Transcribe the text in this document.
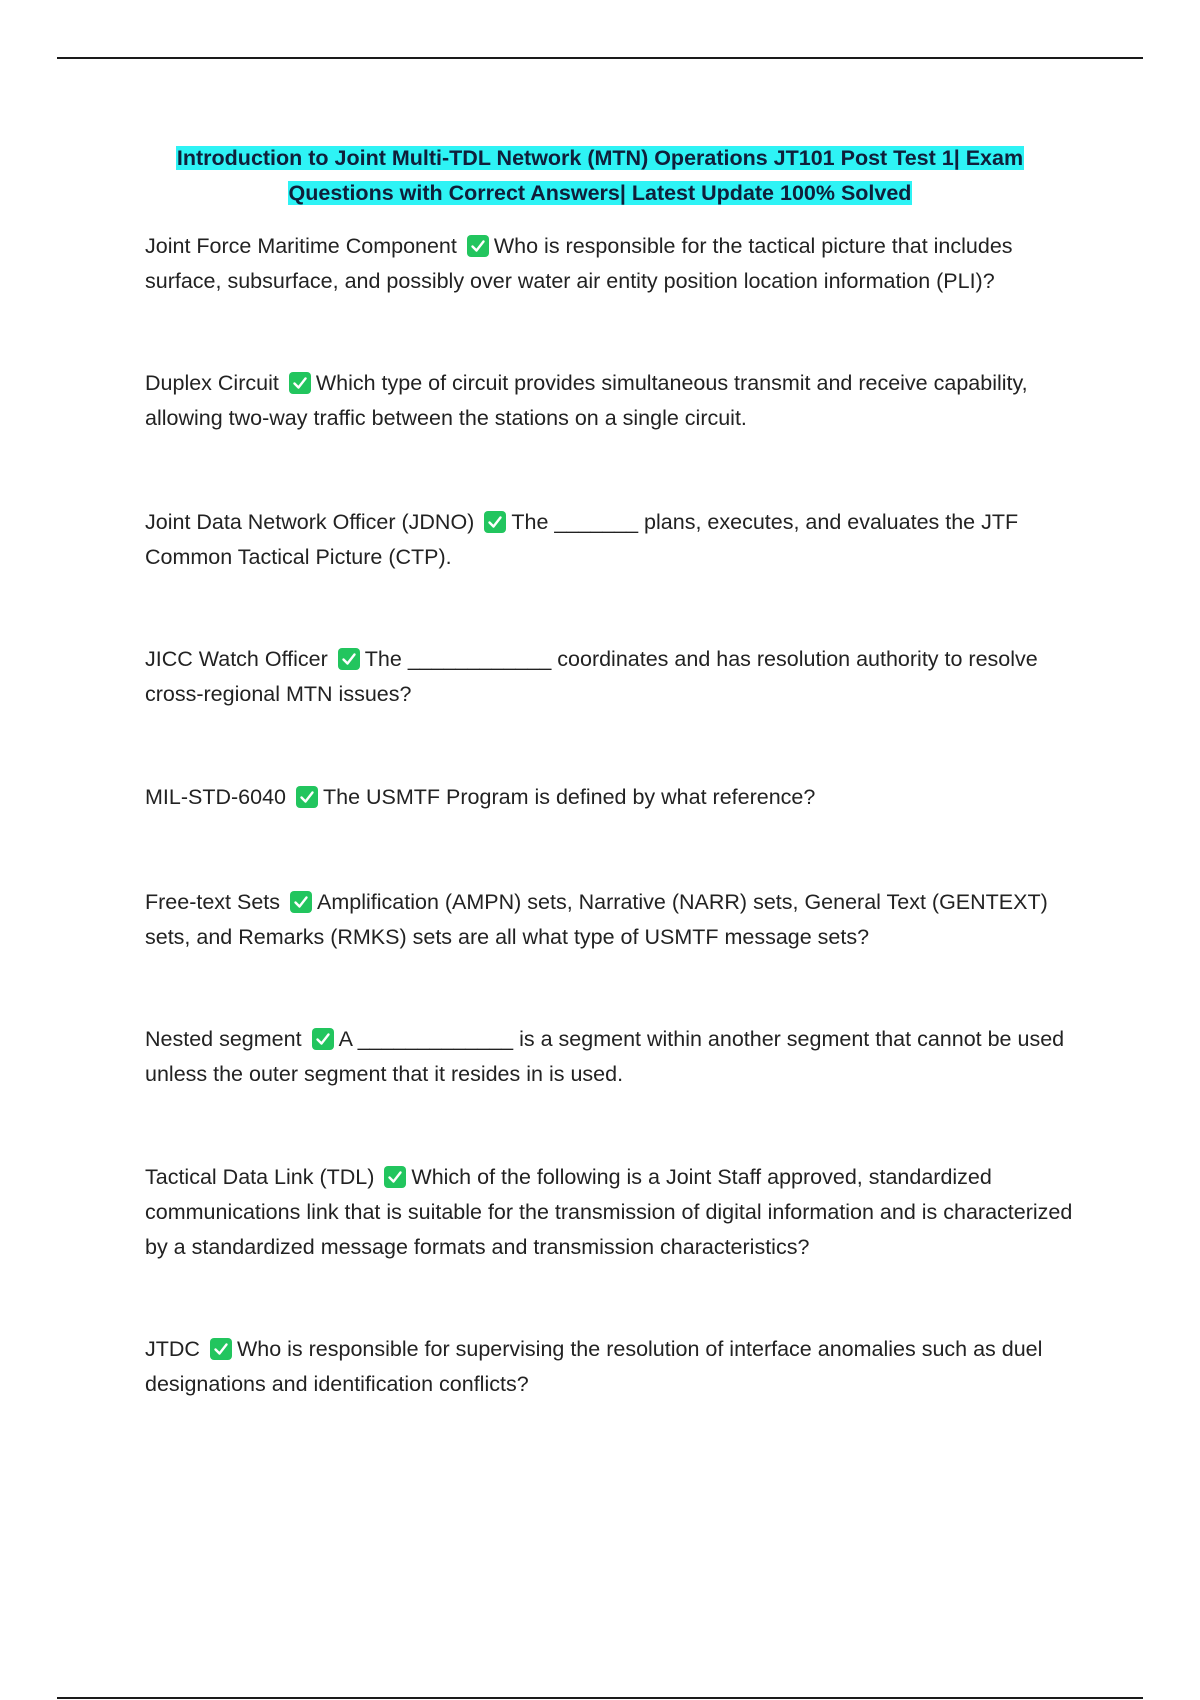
Introduction to Joint Multi-TDL Network (MTN) Operations JT101 Post Test 1| Exam
Questions with Correct Answers| Latest Update 100% Solved
Joint Force Maritime Component Who is responsible for the tactical picture that includes surface, subsurface, and possibly over water air entity position location information (PLI)?
Duplex Circuit Which type of circuit provides simultaneous transmit and receive capability, allowing two-way traffic between the stations on a single circuit.
Joint Data Network Officer (JDNO) The _______ plans, executes, and evaluates the JTF Common Tactical Picture (CTP).
JICC Watch Officer The ____________ coordinates and has resolution authority to resolve cross-regional MTN issues?
MIL-STD-6040 The USMTF Program is defined by what reference?
Free-text Sets Amplification (AMPN) sets, Narrative (NARR) sets, General Text (GENTEXT) sets, and Remarks (RMKS) sets are all what type of USMTF message sets?
Nested segment A _____________ is a segment within another segment that cannot be used unless the outer segment that it resides in is used.
Tactical Data Link (TDL) Which of the following is a Joint Staff approved, standardized communications link that is suitable for the transmission of digital information and is characterized by a standardized message formats and transmission characteristics?
JTDC Who is responsible for supervising the resolution of interface anomalies such as duel designations and identification conflicts?
